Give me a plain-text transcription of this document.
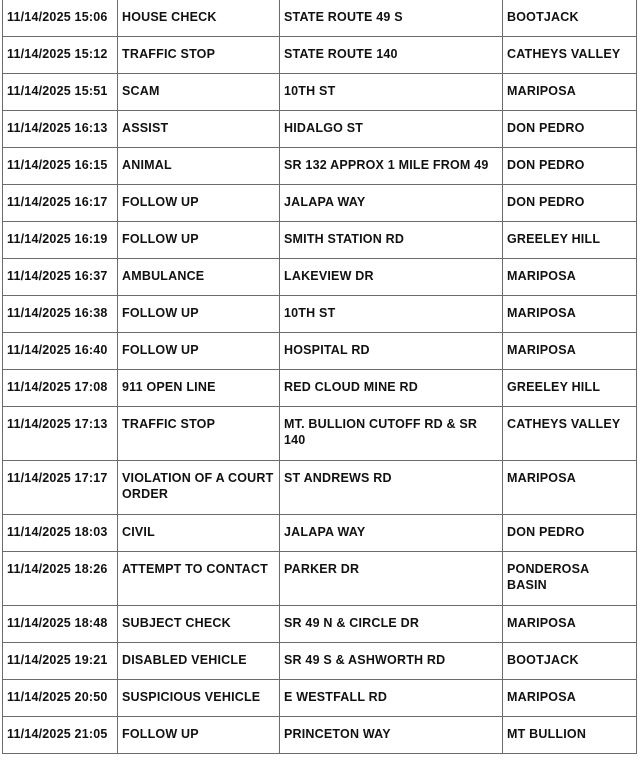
11/14/2025 15:06	HOUSE CHECK	STATE ROUTE 49 S	BOOTJACK
11/14/2025 15:12	TRAFFIC STOP	STATE ROUTE 140	CATHEYS VALLEY
11/14/2025 15:51	SCAM	10TH ST	MARIPOSA
11/14/2025 16:13	ASSIST	HIDALGO ST	DON PEDRO
11/14/2025 16:15	ANIMAL	SR 132 APPROX 1 MILE FROM 49	DON PEDRO
11/14/2025 16:17	FOLLOW UP	JALAPA WAY	DON PEDRO
11/14/2025 16:19	FOLLOW UP	SMITH STATION RD	GREELEY HILL
11/14/2025 16:37	AMBULANCE	LAKEVIEW DR	MARIPOSA
11/14/2025 16:38	FOLLOW UP	10TH ST	MARIPOSA
11/14/2025 16:40	FOLLOW UP	HOSPITAL RD	MARIPOSA
11/14/2025 17:08	911 OPEN LINE	RED CLOUD MINE RD	GREELEY HILL
11/14/2025 17:13	TRAFFIC STOP	MT. BULLION CUTOFF RD & SR 140	CATHEYS VALLEY
11/14/2025 17:17	VIOLATION OF A COURT ORDER	ST ANDREWS RD	MARIPOSA
11/14/2025 18:03	CIVIL	JALAPA WAY	DON PEDRO
11/14/2025 18:26	ATTEMPT TO CONTACT	PARKER DR	PONDEROSA BASIN
11/14/2025 18:48	SUBJECT CHECK	SR 49 N & CIRCLE DR	MARIPOSA
11/14/2025 19:21	DISABLED VEHICLE	SR 49 S & ASHWORTH RD	BOOTJACK
11/14/2025 20:50	SUSPICIOUS VEHICLE	E WESTFALL RD	MARIPOSA
11/14/2025 21:05	FOLLOW UP	PRINCETON WAY	MT BULLION
